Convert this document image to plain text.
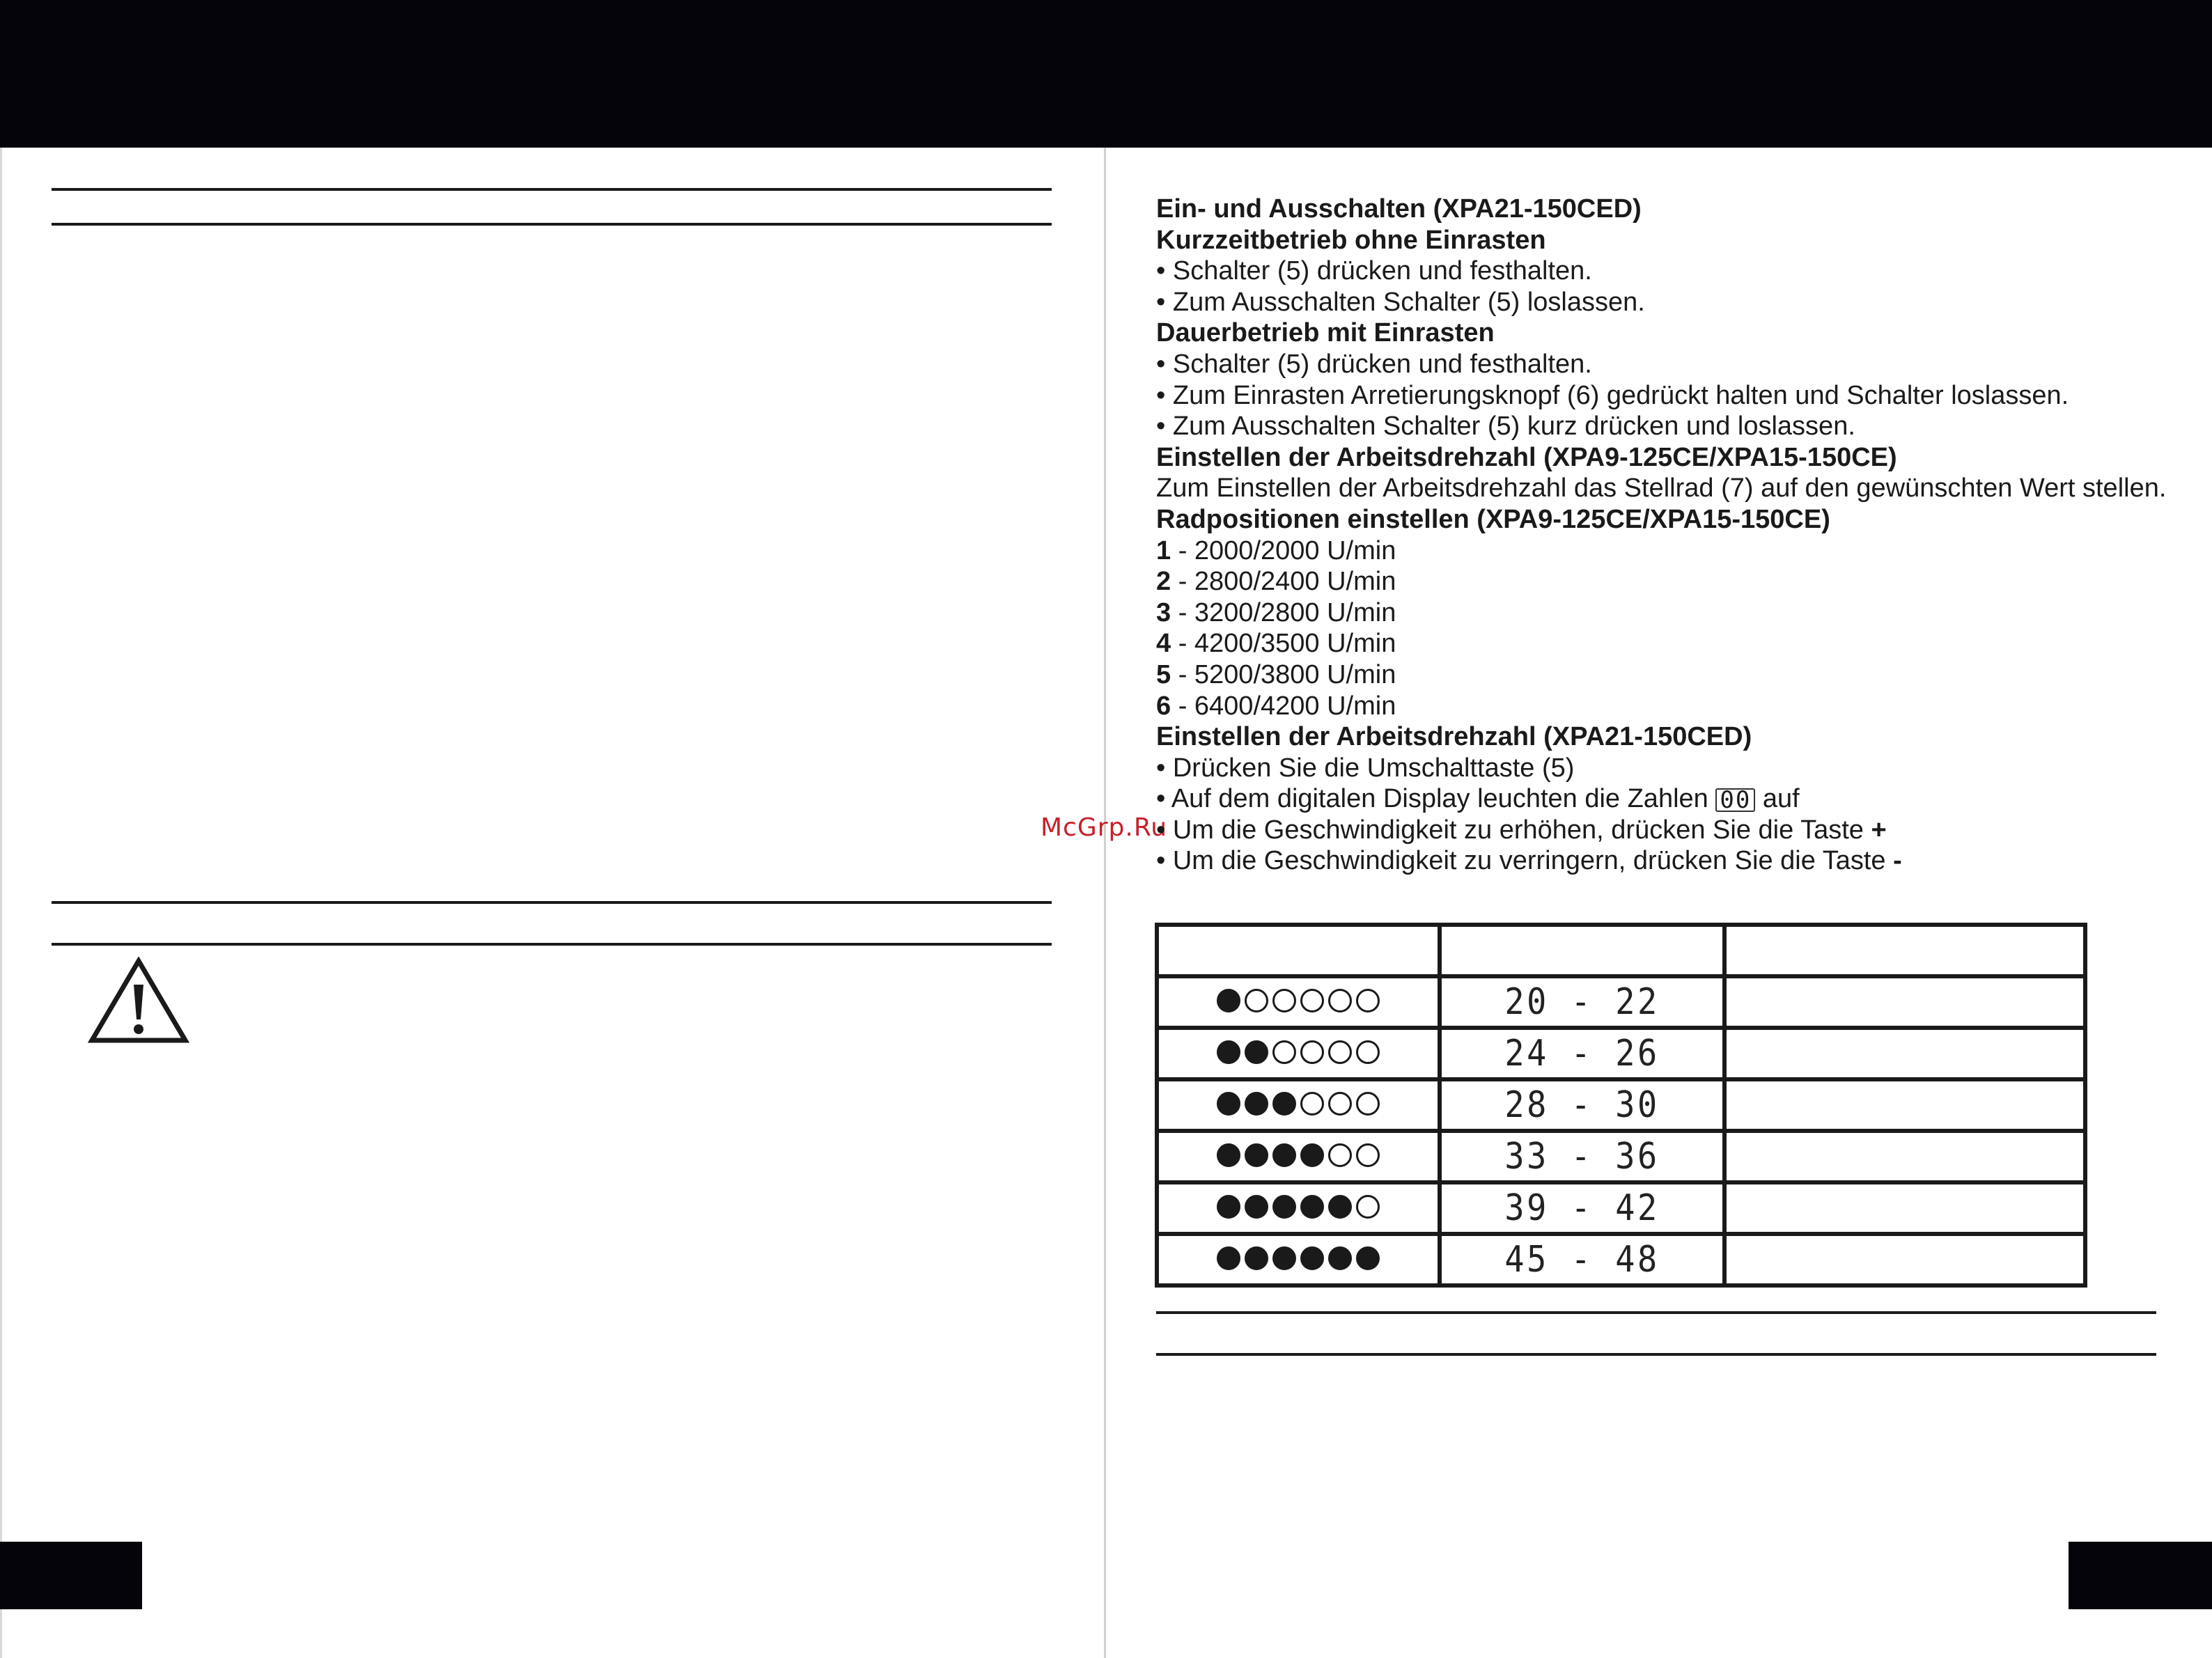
McGrp.Ru
Ein- und Ausschalten (XPA21-150CED)
Kurzzeitbetrieb ohne Einrasten
• Schalter (5) drücken und festhalten.
• Zum Ausschalten Schalter (5) loslassen.
Dauerbetrieb mit Einrasten
• Schalter (5) drücken und festhalten.
• Zum Einrasten Arretierungsknopf (6) gedrückt halten und Schalter loslassen.
• Zum Ausschalten Schalter (5) kurz drücken und loslassen.
Einstellen der Arbeitsdrehzahl (XPA9-125CE/XPA15-150CE)
Zum Einstellen der Arbeitsdrehzahl das Stellrad (7) auf den gewünschten Wert stellen.
Radpositionen einstellen (XPA9-125CE/XPA15-150CE)
1 - 2000/2000 U/min
2 - 2800/2400 U/min
3 - 3200/2800 U/min
4 - 4200/3500 U/min
5 - 5200/3800 U/min
6 - 6400/4200 U/min
Einstellen der Arbeitsdrehzahl (XPA21-150CED)
• Drücken Sie die Umschalttaste (5)
• Auf dem digitalen Display leuchten die Zahlen 00 auf
• Um die Geschwindigkeit zu erhöhen, drücken Sie die Taste +
• Um die Geschwindigkeit zu verringern, drücken Sie die Taste -

	20 - 22	

	24 - 26	

	28 - 30	

	33 - 36	

	39 - 42	

	45 - 48	
